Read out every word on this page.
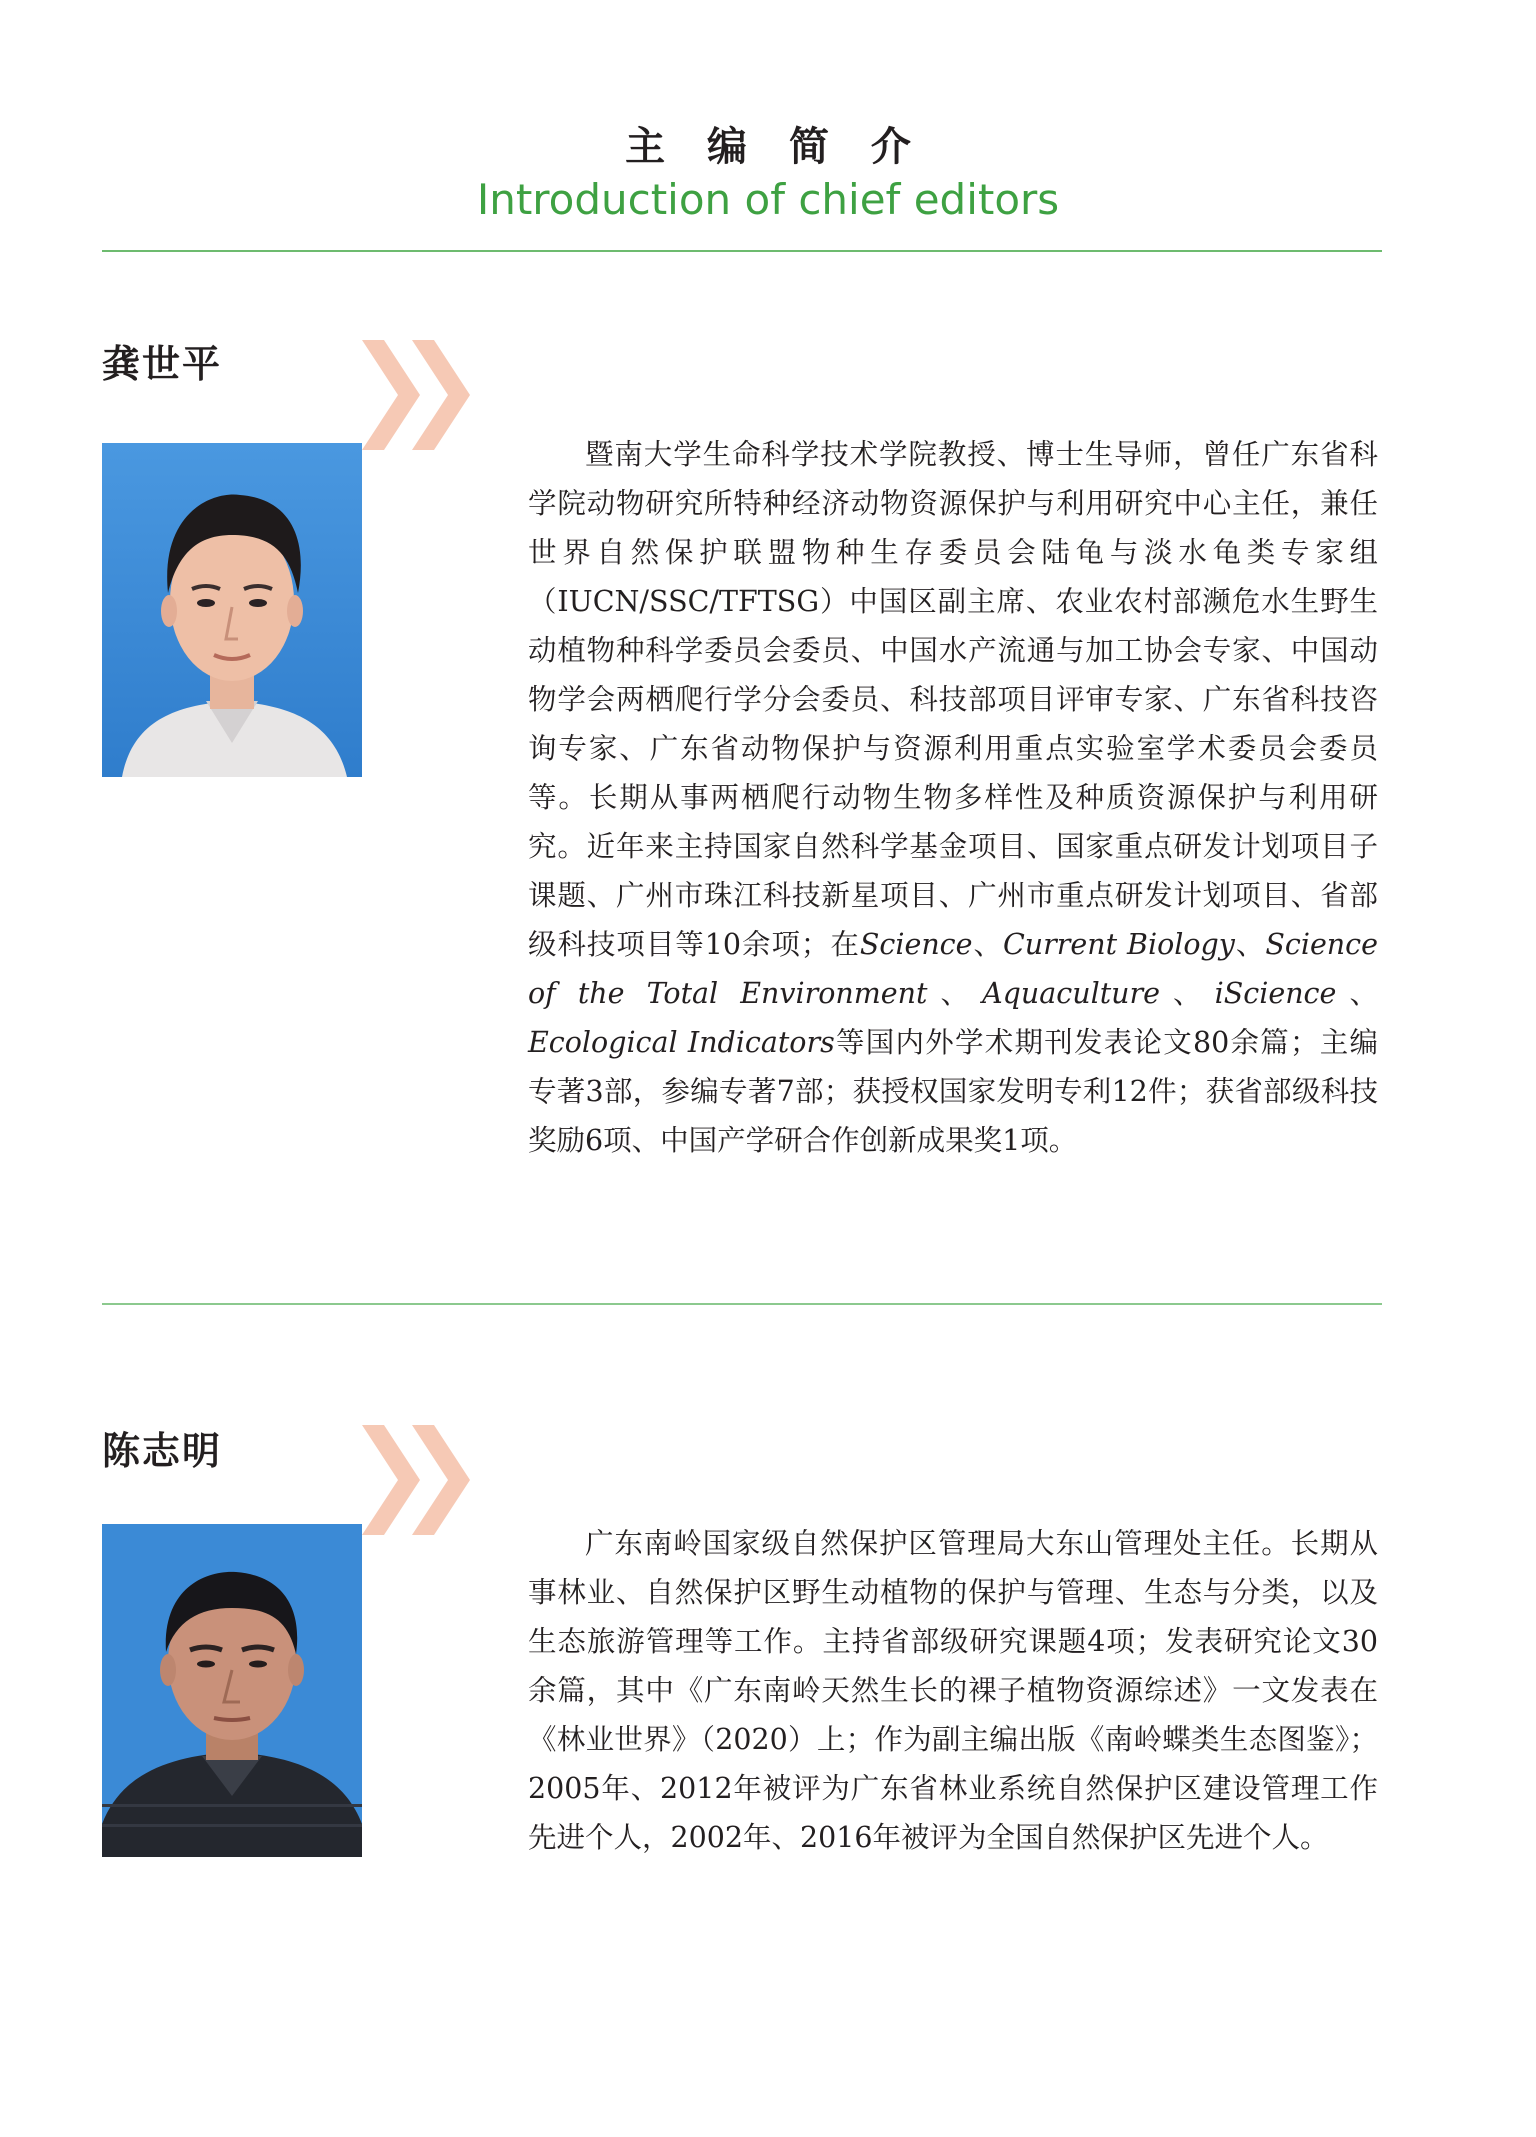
主 编 简 介
Introduction of chief editors
龚世平

暨南大学生命科学技术学院教授、博士生导师，曾任广东省科学院动物研究所特种经济动物资源保护与利用研究中心主任，兼任世界自然保护联盟物种生存委员会陆龟与淡水龟类专家组（IUCN/SSC/TFTSG）中国区副主席、农业农村部濒危水生野生动植物种科学委员会委员、中国水产流通与加工协会专家、中国动物学会两栖爬行学分会委员、科技部项目评审专家、广东省科技咨询专家、广东省动物保护与资源利用重点实验室学术委员会委员等。长期从事两栖爬行动物生物多样性及种质资源保护与利用研究。近年来主持国家自然科学基金项目、国家重点研发计划项目子课题、广州市珠江科技新星项目、广州市重点研发计划项目、省部级科技项目等10余项；在Science、Current Biology、Science of the Total Environment、Aquaculture、iScience、Ecological Indicators等国内外学术期刊发表论文80余篇；主编专著3部，参编专著7部；获授权国家发明专利12件；获省部级科技奖励6项、中国产学研合作创新成果奖1项。

陈志明

广东南岭国家级自然保护区管理局大东山管理处主任。长期从事林业、自然保护区野生动植物的保护与管理、生态与分类，以及生态旅游管理等工作。主持省部级研究课题4项；发表研究论文30余篇，其中《广东南岭天然生长的裸子植物资源综述》一文发表在《林业世界》（2020）上；作为副主编出版《南岭蝶类生态图鉴》；2005年、2012年被评为广东省林业系统自然保护区建设管理工作先进个人，2002年、2016年被评为全国自然保护区先进个人。
